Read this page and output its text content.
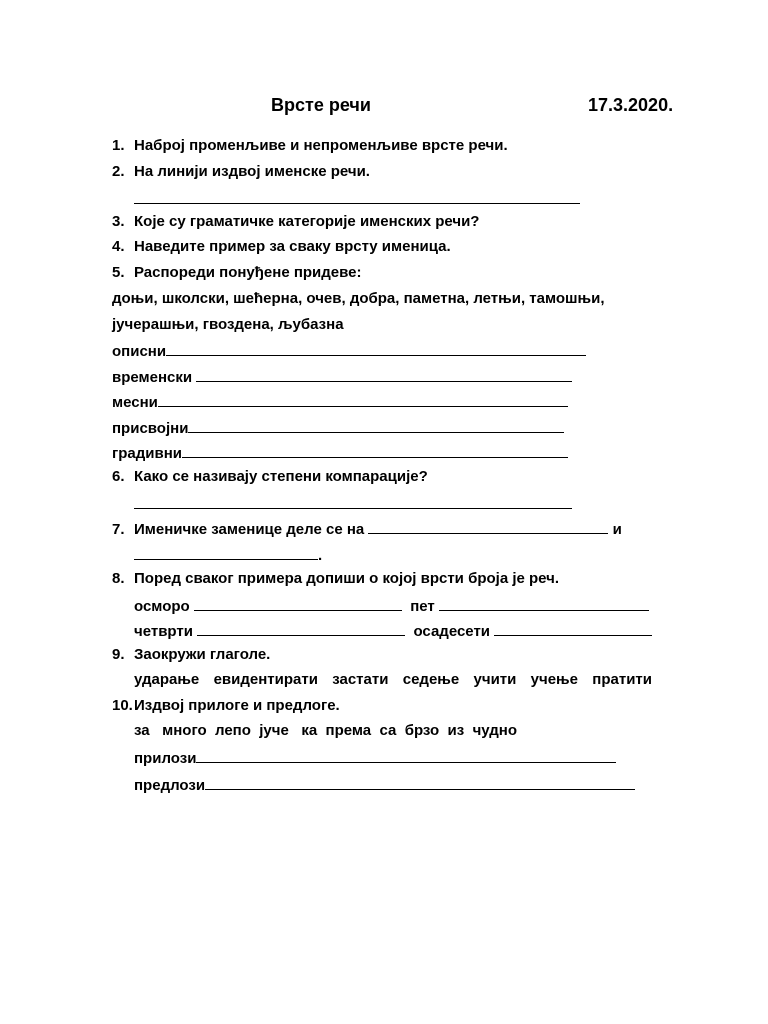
Врсте речи	17.3.2020.
1. Наброј променљиве и непроменљиве врсте речи.
2. На линији издвој именске речи.
3. Које су граматичке категорије именских речи?
4. Наведите пример за сваку врсту именица.
5. Распореди понуђене придеве:
доњи, школски, шећерна, очев, добра, паметна, летњи, тамошњи,
јучерашњи, гвоздена, љубазна
описни
временски
месни
присвојни
градивни
6. Како се називају степени компарације?
7. Именичке заменице деле се на	и
.
8. Поред сваког примера допиши о којој врсти броја је реч.
осморо	пет
четврти	осадесети
9. Заокружи глаголе.
ударање евидентирати застати седење учити учење пратити
10.Издвој прилоге и предлоге.
за много лепо јуче ка према са брзо из чудно
прилози
предлози
